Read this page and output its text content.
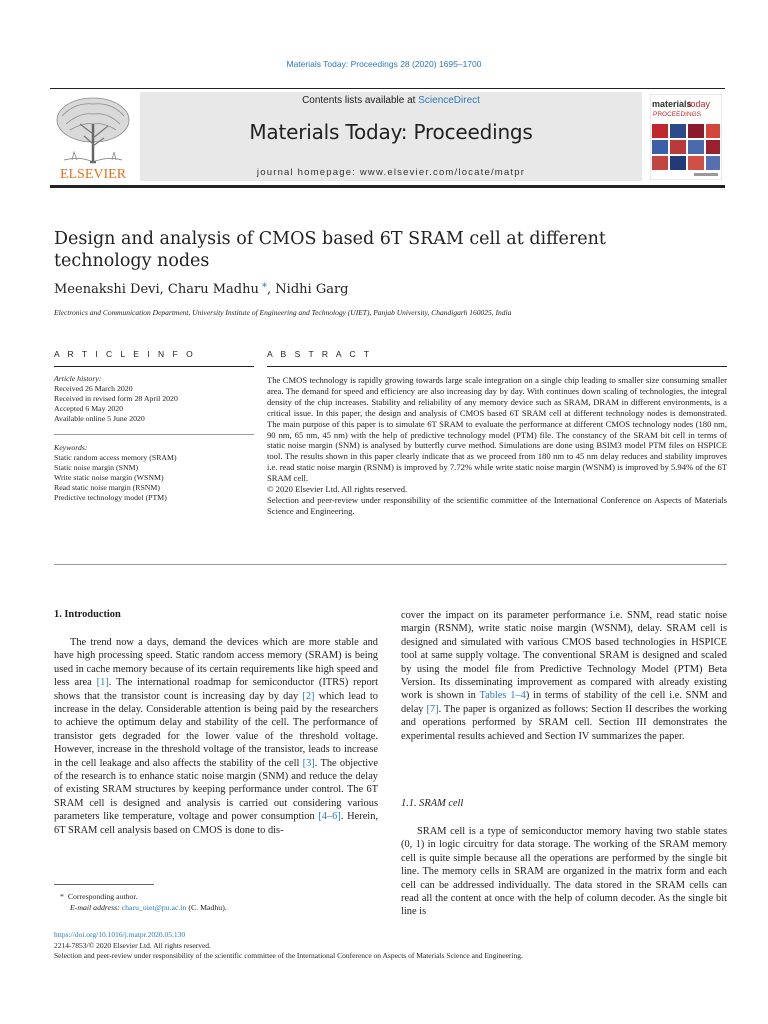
Materials Today: Proceedings 28 (2020) 1695–1700
Contents lists available at ScienceDirect
Materials Today: Proceedings
journal homepage: www.elsevier.com/locate/matpr
ELSEVIER
materials
today
PROCEEDINGS
Design and analysis of CMOS based 6T SRAM cell at different technology nodes
Meenakshi Devi, Charu Madhu *, Nidhi Garg
Electronics and Communication Department, University Institute of Engineering and Technology (UIET), Panjab University, Chandigarh 160025, India
A R T I C L E I N F O
Article history:
Received 26 March 2020
Received in revised form 28 April 2020
Accepted 6 May 2020
Available online 5 June 2020
Keywords:
Static random access memory (SRAM)
Static noise margin (SNM)
Write static noise margin (WSNM)
Read static noise margin (RSNM)
Predictive technology model (PTM)
A B S T R A C T
The CMOS technology is rapidly growing towards large scale integration on a single chip leading to smaller size consuming smaller area. The demand for speed and efficiency are also increasing day by day. With continues down scaling of technologies, the integral density of the chip increases. Stability and reliability of any memory device such as SRAM, DRAM in different environments, is a critical issue. In this paper, the design and analysis of CMOS based 6T SRAM cell at different technology nodes is demonstrated. The main purpose of this paper is to simulate 6T SRAM to evaluate the performance at different CMOS technology nodes (180 nm, 90 nm, 65 nm, 45 nm) with the help of predictive technology model (PTM) file. The constancy of the SRAM bit cell in terms of static noise margin (SNM) is analysed by butterfly curve method. Simulations are done using BSIM3 model PTM files on HSPICE tool. The results shown in this paper clearly indicate that as we proceed from 180 nm to 45 nm delay reduces and stability improves i.e. read static noise margin (RSNM) is improved by 7.72% while write static noise margin (WSNM) is improved by 5.94% of the 6T SRAM cell.
© 2020 Elsevier Ltd. All rights reserved.
Selection and peer-review under responsibility of the scientific committee of the International Conference on Aspects of Materials Science and Engineering.
1. Introduction

The trend now a days, demand the devices which are more stable and have high processing speed. Static random access memory (SRAM) is being used in cache memory because of its certain requirements like high speed and less area [1]. The international roadmap for semiconductor (ITRS) report shows that the transistor count is increasing day by day [2] which lead to increase in the delay. Considerable attention is being paid by the researchers to achieve the optimum delay and stability of the cell. The performance of transistor gets degraded for the lower value of the threshold voltage. However, increase in the threshold voltage of the transistor, leads to increase in the cell leakage and also affects the stability of the cell [3]. The objective of the research is to enhance static noise margin (SNM) and reduce the delay of existing SRAM structures by keeping performance under control. The 6T SRAM cell is designed and analysis is carried out considering various parameters like temperature, voltage and power consumption [4–6]. Herein, 6T SRAM cell analysis based on CMOS is done to dis-

* Corresponding author.
E-mail address: charu_uiet@pu.ac.in (C. Madhu).

cover the impact on its parameter performance i.e. SNM, read static noise margin (RSNM), write static noise margin (WSNM), delay. SRAM cell is designed and simulated with various CMOS based technologies in HSPICE tool at same supply voltage. The conventional SRAM is designed and scaled by using the model file from Predictive Technology Model (PTM) Beta Version. Its disseminating improvement as compared with already existing work is shown in Tables 1–4) in terms of stability of the cell i.e. SNM and delay [7]. The paper is organized as follows: Section II describes the working and operations performed by SRAM cell. Section III demonstrates the experimental results achieved and Section IV summarizes the paper.

1.1. SRAM cell

SRAM cell is a type of semiconductor memory having two stable states (0, 1) in logic circuitry for data storage. The working of the SRAM memory cell is quite simple because all the operations are performed by the single bit line. The memory cells in SRAM are organized in the matrix form and each cell can be addressed individually. The data stored in the SRAM cells can read all the content at once with the help of column decoder. As the single bit line is

https://doi.org/10.1016/j.matpr.2020.05.130
2214-7853/© 2020 Elsevier Ltd. All rights reserved.
Selection and peer-review under responsibility of the scientific committee of the International Conference on Aspects of Materials Science and Engineering.
